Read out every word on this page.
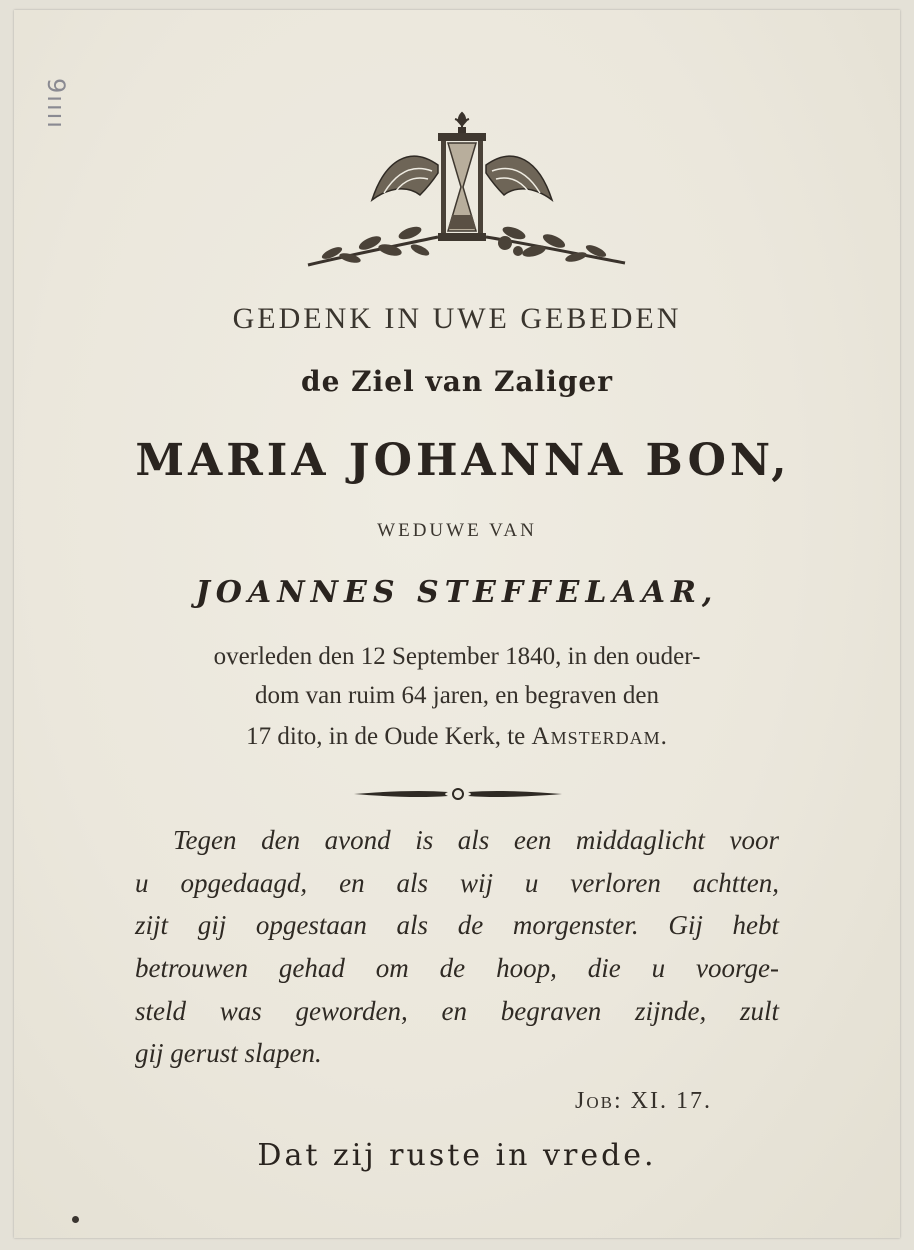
9ıııı
GEDENK IN UWE GEBEDEN
de Ziel van Zaliger
MARIA JOHANNA BON,
WEDUWE VAN
JOANNES STEFFELAAR,
overleden den 12 September 1840, in den ouder-
dom van ruim 64 jaren, en begraven den
17 dito, in de Oude Kerk, te Amsterdam.
Tegen den avond is als een middaglicht voor
u opgedaagd, en als wij u verloren achtten,
zijt gij opgestaan als de morgenster. Gij hebt
betrouwen gehad om de hoop, die u voorge-
steld was geworden, en begraven zijnde, zult
gij gerust slapen.
Job: XI. 17.
Dat zij ruste in vrede.
